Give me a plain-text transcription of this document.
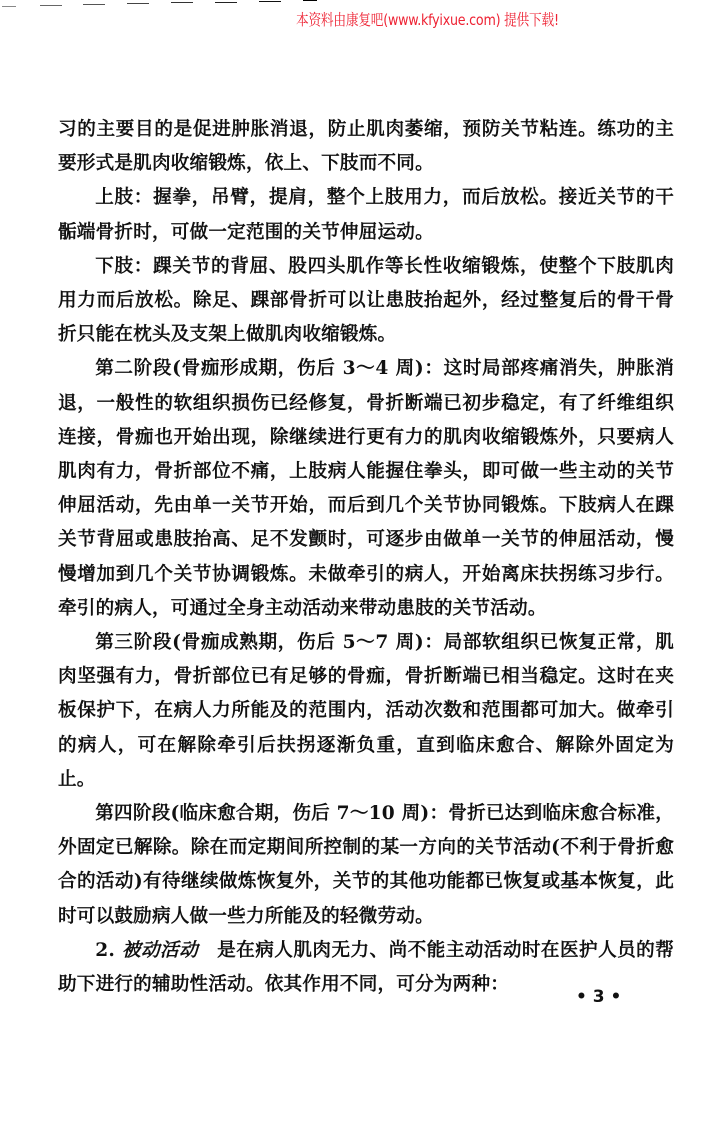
本资料由康复吧(www.kfyixue.com) 提供下载!

习的主要目的是促进肿胀消退，防止肌肉萎缩，预防关节粘连。练功的主要形式是肌肉收缩锻炼，依上、下肢而不同。

上肢：握拳，吊臂，提肩，整个上肢用力，而后放松。接近关节的干骺端骨折时，可做一定范围的关节伸屈运动。

下肢：踝关节的背屈、股四头肌作等长性收缩锻炼，使整个下肢肌肉用力而后放松。除足、踝部骨折可以让患肢抬起外，经过整复后的骨干骨折只能在枕头及支架上做肌肉收缩锻炼。

第二阶段(骨痂形成期，伤后 3～4 周)：这时局部疼痛消失，肿胀消退，一般性的软组织损伤已经修复，骨折断端已初步稳定，有了纤维组织连接，骨痂也开始出现，除继续进行更有力的肌肉收缩锻炼外，只要病人肌肉有力，骨折部位不痛，上肢病人能握住拳头，即可做一些主动的关节伸屈活动，先由单一关节开始，而后到几个关节协同锻炼。下肢病人在踝关节背屈或患肢抬高、足不发颤时，可逐步由做单一关节的伸屈活动，慢慢增加到几个关节协调锻炼。未做牵引的病人，开始离床扶拐练习步行。牵引的病人，可通过全身主动活动来带动患肢的关节活动。

第三阶段(骨痂成熟期，伤后 5～7 周)：局部软组织已恢复正常，肌肉坚强有力，骨折部位已有足够的骨痂，骨折断端已相当稳定。这时在夹板保护下，在病人力所能及的范围内，活动次数和范围都可加大。做牵引的病人，可在解除牵引后扶拐逐渐负重，直到临床愈合、解除外固定为止。

第四阶段(临床愈合期，伤后 7～10 周)：骨折已达到临床愈合标准，外固定已解除。除在而定期间所控制的某一方向的关节活动(不利于骨折愈合的活动)有待继续做炼恢复外，关节的其他功能都已恢复或基本恢复，此时可以鼓励病人做一些力所能及的轻微劳动。

2. 被动活动　是在病人肌肉无力、尚不能主动活动时在医护人员的帮助下进行的辅助性活动。依其作用不同，可分为两种：

• 3 •
